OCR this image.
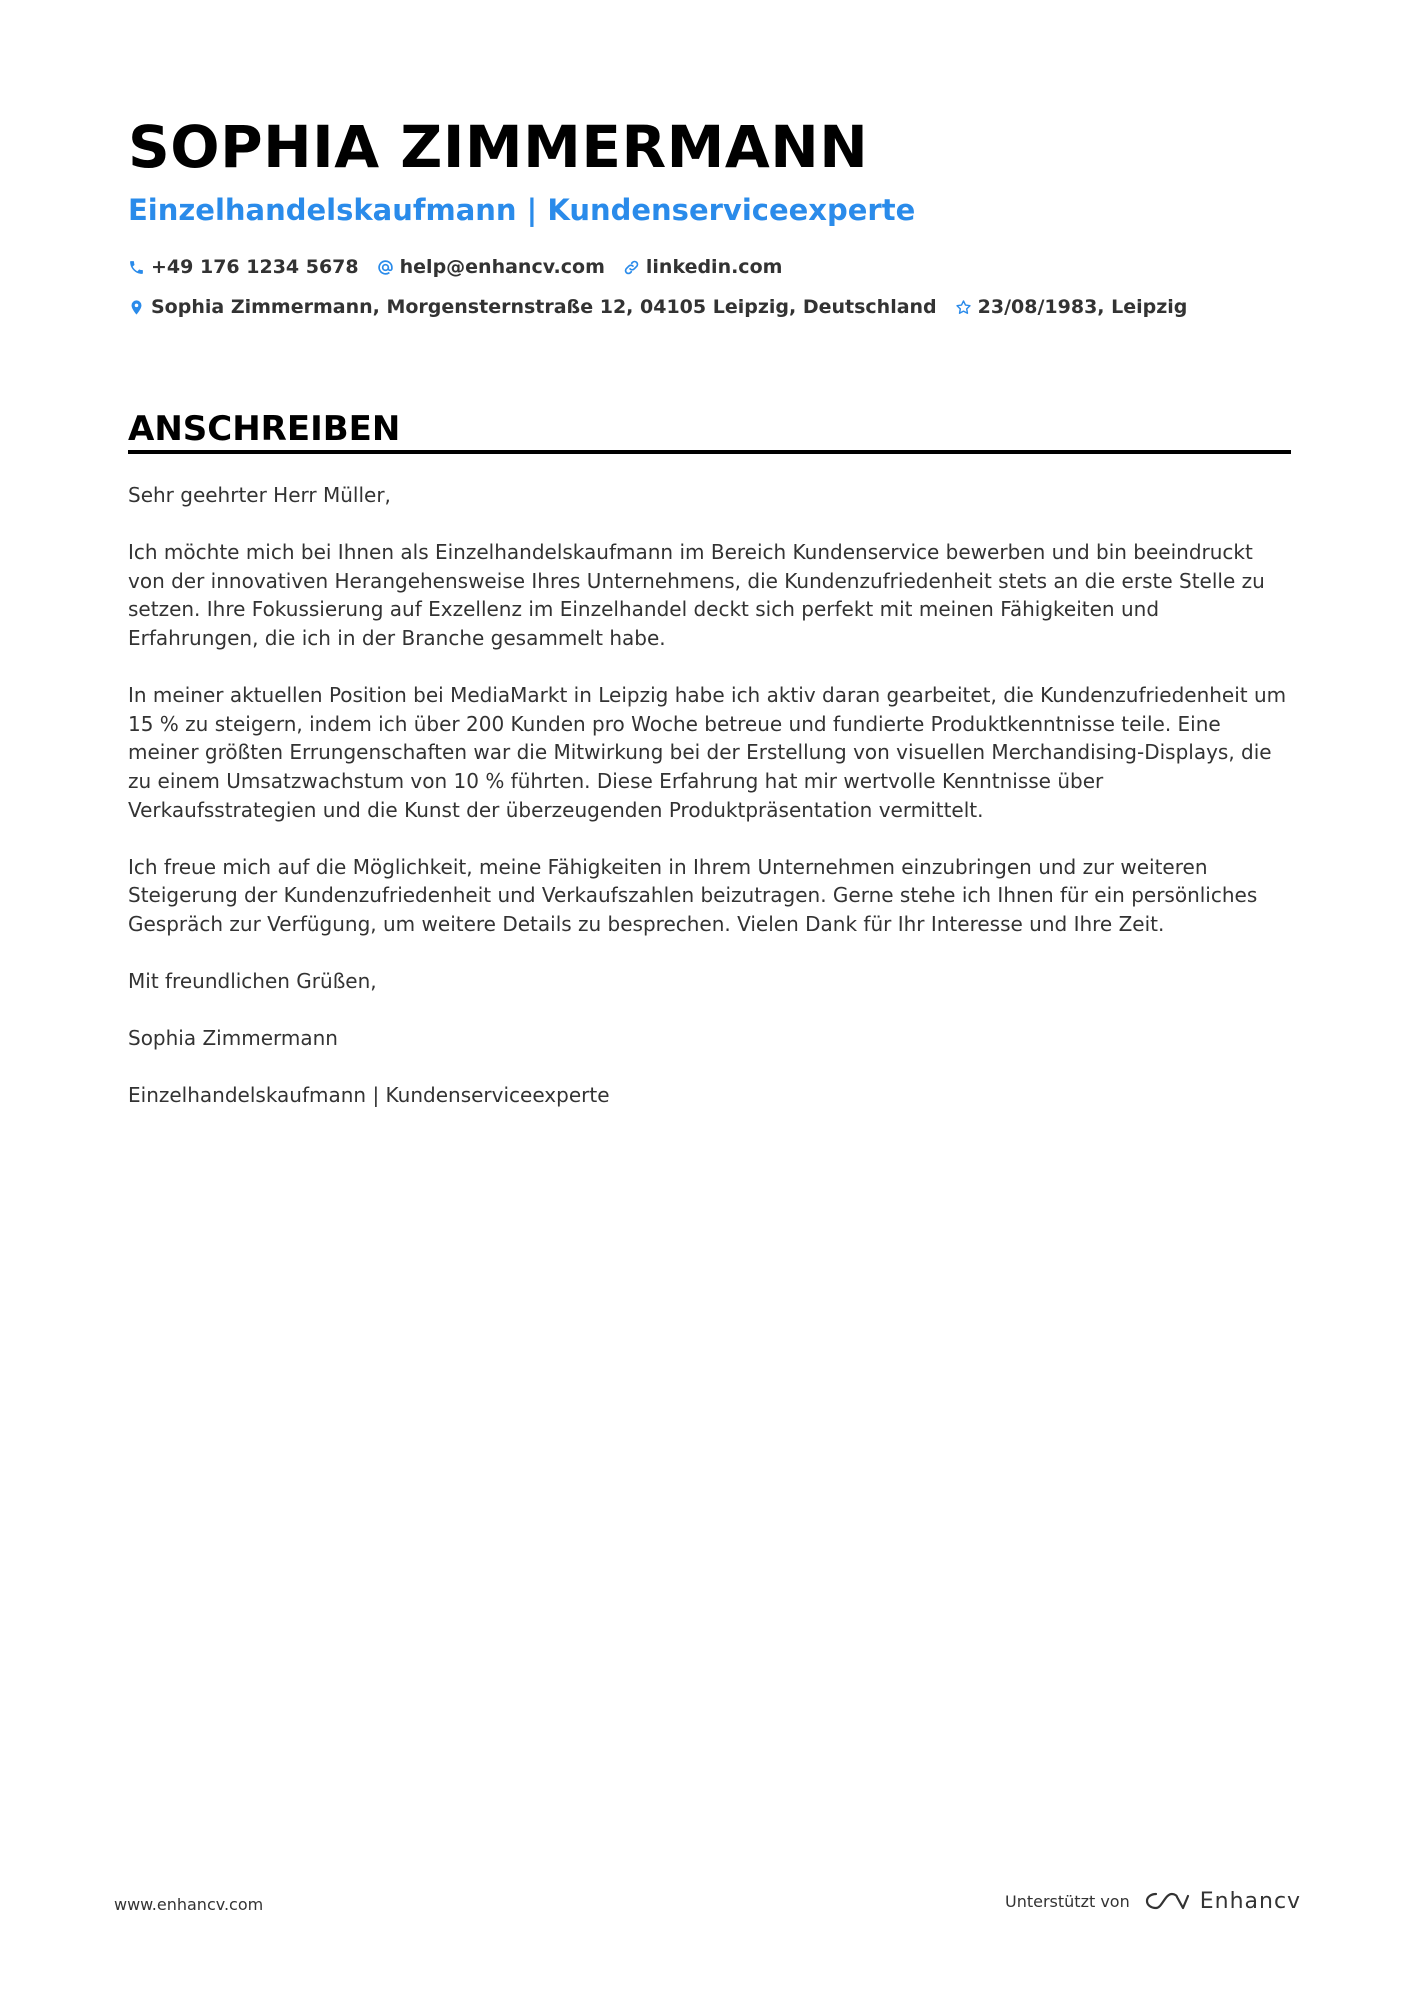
SOPHIA ZIMMERMANN
Einzelhandelskaufmann | Kundenserviceexperte
+49 176 1234 5678 help@enhancv.com linkedin.com
Sophia Zimmermann, Morgensternstraße 12, 04105 Leipzig, Deutschland 23/08/1983, Leipzig
ANSCHREIBEN

Sehr geehrter Herr Müller,

Ich möchte mich bei Ihnen als Einzelhandelskaufmann im Bereich Kundenservice bewerben und bin beeindruckt von der innovativen Herangehensweise Ihres Unternehmens, die Kundenzufriedenheit stets an die erste Stelle zu setzen. Ihre Fokussierung auf Exzellenz im Einzelhandel deckt sich perfekt mit meinen Fähigkeiten und Erfahrungen, die ich in der Branche gesammelt habe.

In meiner aktuellen Position bei MediaMarkt in Leipzig habe ich aktiv daran gearbeitet, die Kundenzufriedenheit um 15 % zu steigern, indem ich über 200 Kunden pro Woche betreue und fundierte Produktkenntnisse teile. Eine meiner größten Errungenschaften war die Mitwirkung bei der Erstellung von visuellen Merchandising-Displays, die zu einem Umsatzwachstum von 10 % führten. Diese Erfahrung hat mir wertvolle Kenntnisse über Verkaufsstrategien und die Kunst der überzeugenden Produktpräsentation vermittelt.

Ich freue mich auf die Möglichkeit, meine Fähigkeiten in Ihrem Unternehmen einzubringen und zur weiteren Steigerung der Kundenzufriedenheit und Verkaufszahlen beizutragen. Gerne stehe ich Ihnen für ein persönliches Gespräch zur Verfügung, um weitere Details zu besprechen. Vielen Dank für Ihr Interesse und Ihre Zeit.

Mit freundlichen Grüßen,

Sophia Zimmermann

Einzelhandelskaufmann | Kundenserviceexperte

www.enhancv.com	Unterstützt von	Enhancv
